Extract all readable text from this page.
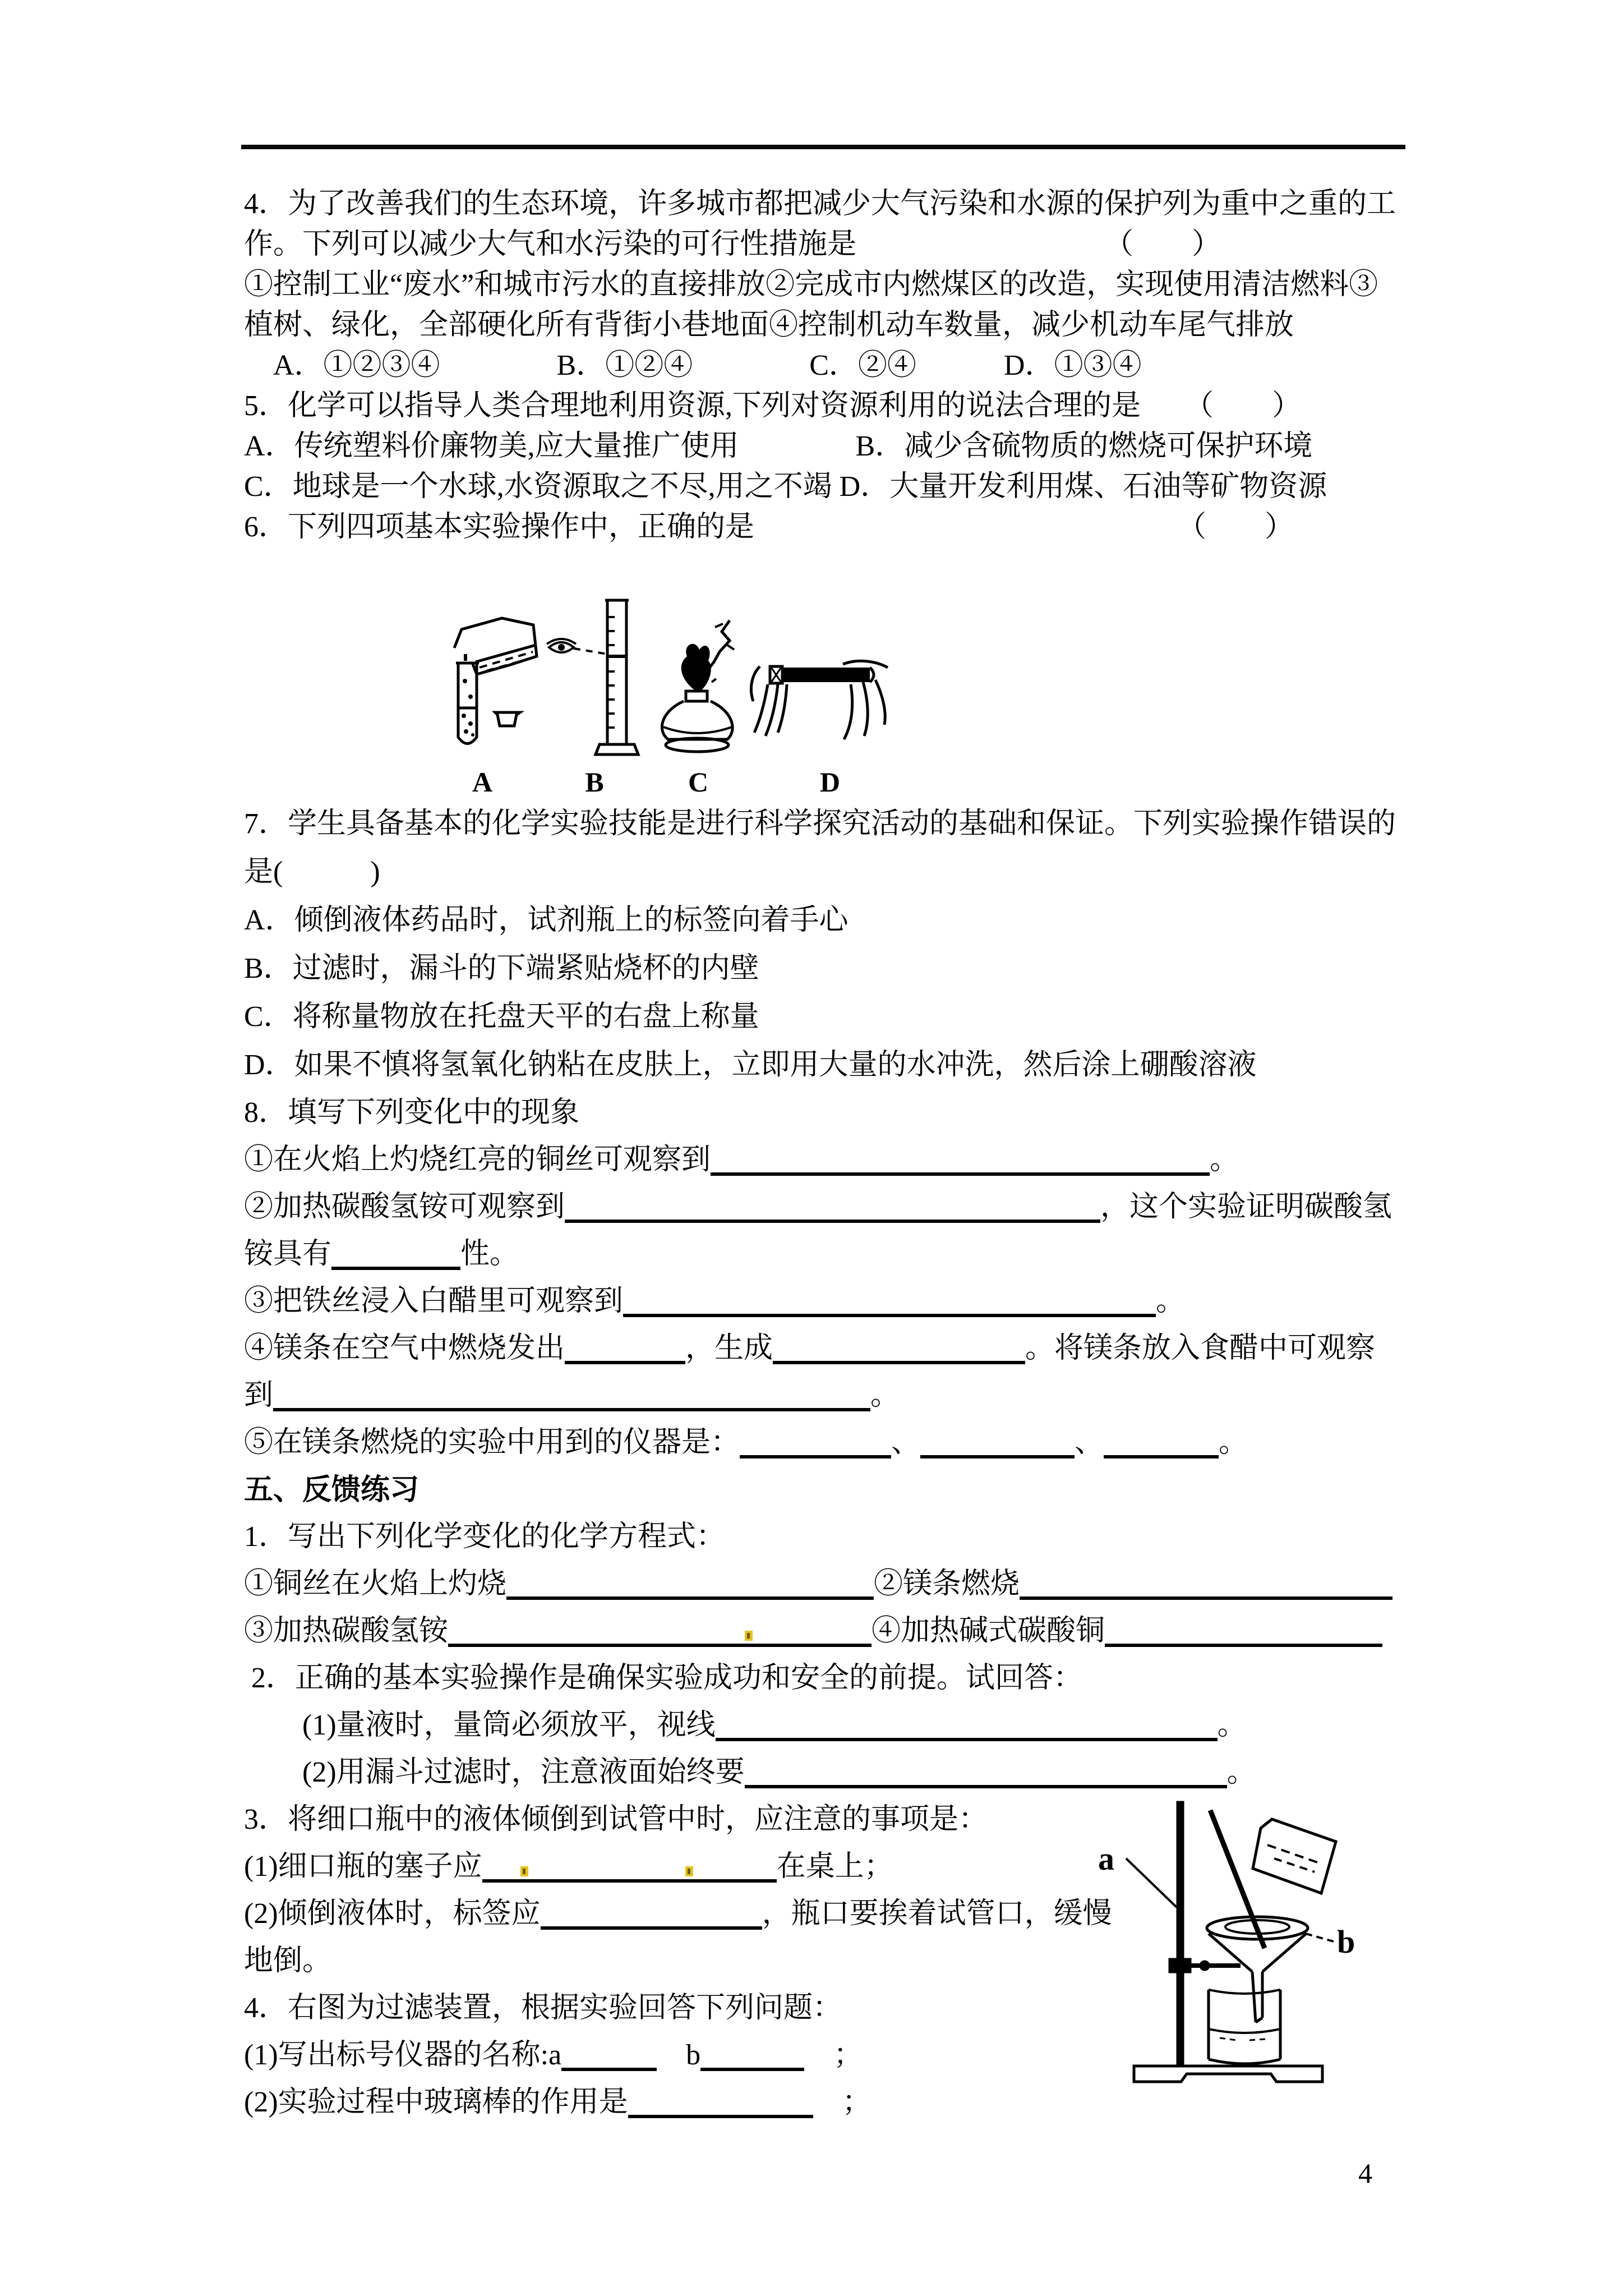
4．为了改善我们的生态环境，许多城市都把减少大气污染和水源的保护列为重中之重的工

作。下列可以减少大气和水污染的可行性措施是　　　　　　　　　（　　）

①控制工业“废水”和城市污水的直接排放②完成市内燃煤区的改造，实现使用清洁燃料③

植树、绿化，全部硬化所有背街小巷地面④控制机动车数量，减少机动车尾气排放

　A．①②③④　　　　B．①②④　　　　C．②④　　　D．①③④

5．化学可以指导人类合理地利用资源,下列对资源利用的说法合理的是　　（　　）

A．传统塑料价廉物美,应大量推广使用　　　　B．减少含硫物质的燃烧可保护环境

C．地球是一个水球,水资源取之不尽,用之不竭 D．大量开发利用煤、石油等矿物资源

6．下列四项基本实验操作中，正确的是　　　　　　　　　　　　　　　（　　）

A	B	C	D

7．学生具备基本的化学实验技能是进行科学探究活动的基础和保证。下列实验操作错误的

是(　　　)

A．倾倒液体药品时，试剂瓶上的标签向着手心

B．过滤时，漏斗的下端紧贴烧杯的内壁

C．将称量物放在托盘天平的右盘上称量

D．如果不慎将氢氧化钠粘在皮肤上，立即用大量的水冲洗，然后涂上硼酸溶液

8．填写下列变化中的现象

①在火焰上灼烧红亮的铜丝可观察到	。

②加热碳酸氢铵可观察到	，这个实验证明碳酸氢

铵具有	性。

③把铁丝浸入白醋里可观察到	。

④镁条在空气中燃烧发出	，生成	。将镁条放入食醋中可观察

到	。

⑤在镁条燃烧的实验中用到的仪器是：	、	、	。

五、反馈练习

1．写出下列化学变化的化学方程式：

①铜丝在火焰上灼烧	②镁条燃烧

③加热碳酸氢铵	④加热碱式碳酸铜

2．正确的基本实验操作是确保实验成功和安全的前提。试回答：

　　(1)量液时，量筒必须放平，视线	。

　　(2)用漏斗过滤时，注意液面始终要	。

3．将细口瓶中的液体倾倒到试管中时，应注意的事项是：

(1)细口瓶的塞子应	在桌上；

(2)倾倒液体时，标签应	，瓶口要挨着试管口，缓慢

地倒。

4．右图为过滤装置，根据实验回答下列问题：

(1)写出标号仪器的名称:a	　b	　；

(2)实验过程中玻璃棒的作用是	　；

a
b
4
